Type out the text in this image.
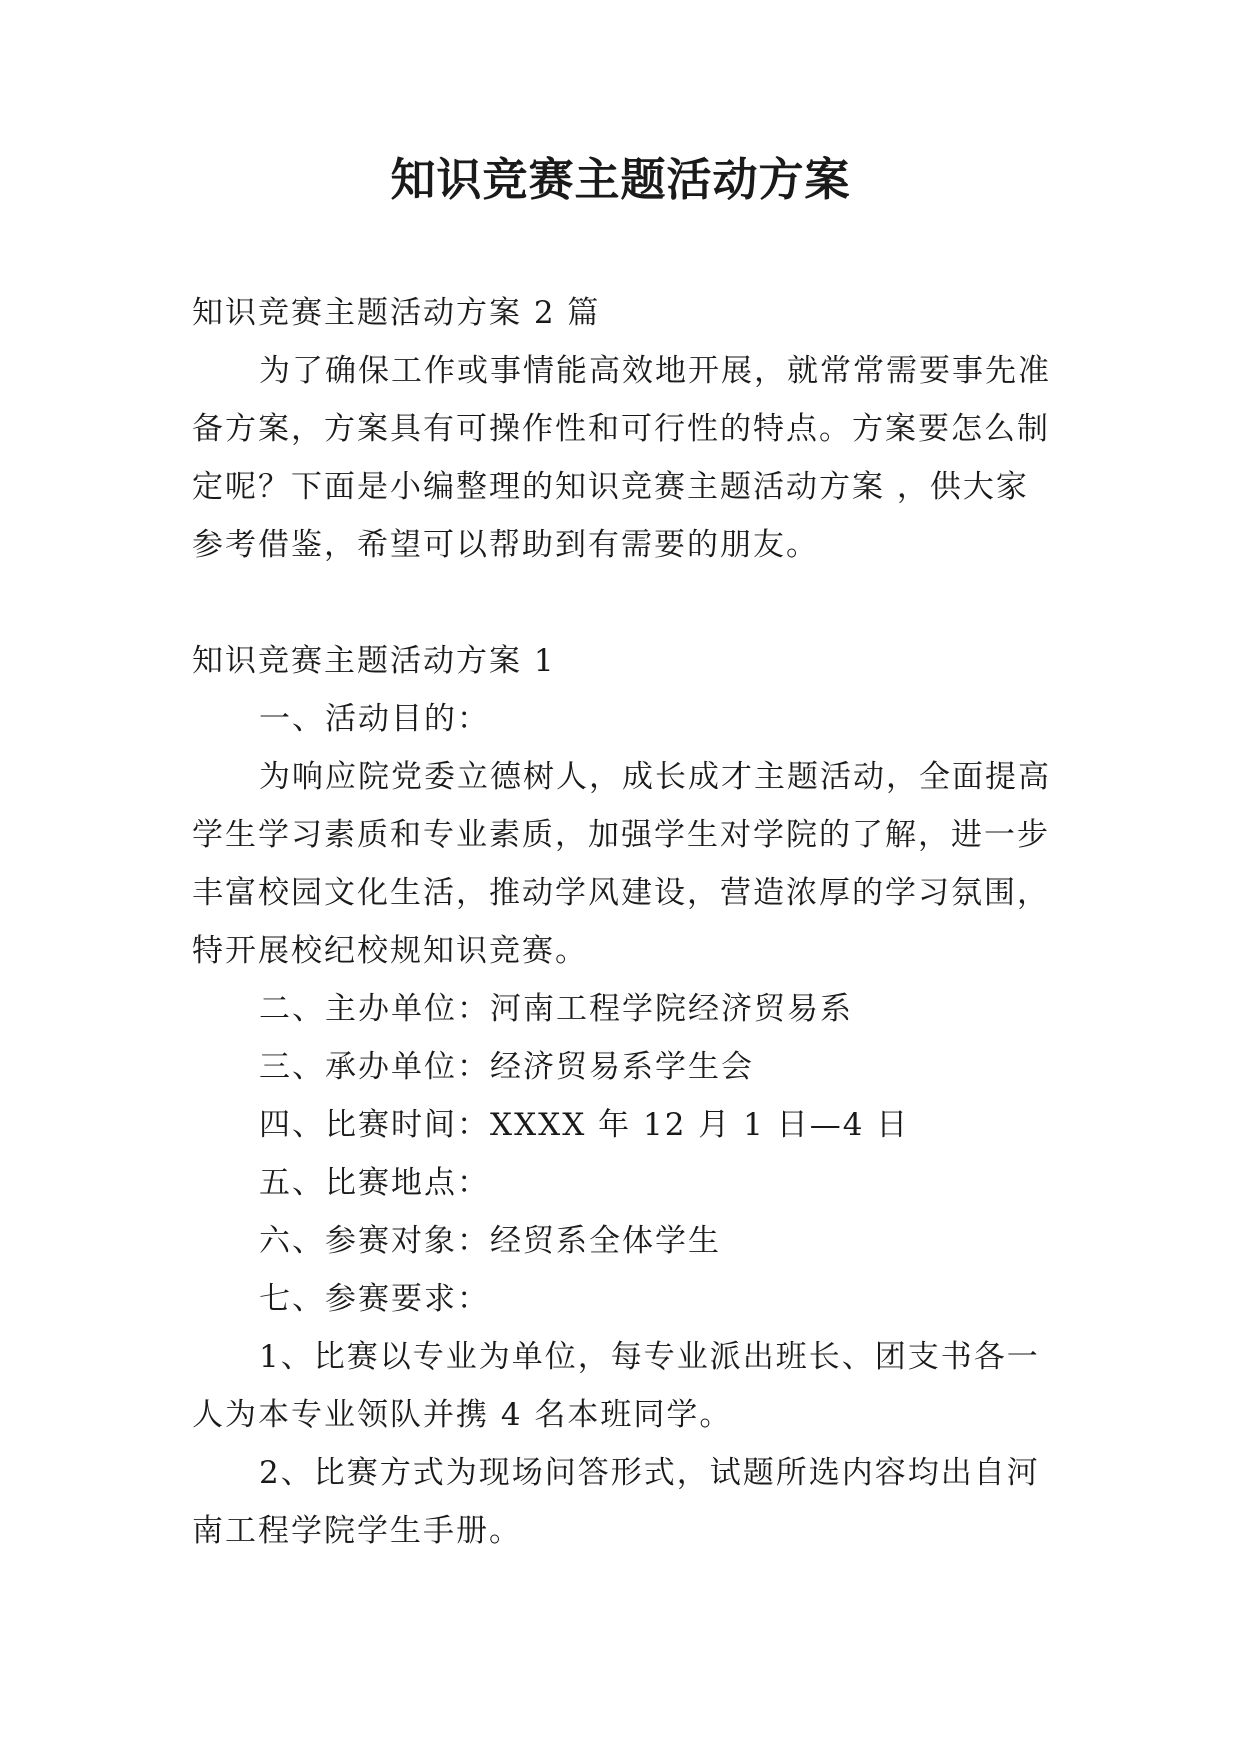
知识竞赛主题活动方案
知识竞赛主题活动方案 2 篇
为了确保工作或事情能高效地开展，就常常需要事先准
备方案，方案具有可操作性和可行性的特点。方案要怎么制
定呢？下面是小编整理的知识竞赛主题活动方案 ，供大家
参考借鉴，希望可以帮助到有需要的朋友。
知识竞赛主题活动方案 1
一、活动目的：
为响应院党委立德树人，成长成才主题活动，全面提高
学生学习素质和专业素质，加强学生对学院的了解，进一步
丰富校园文化生活，推动学风建设，营造浓厚的学习氛围，
特开展校纪校规知识竞赛。
二、主办单位：河南工程学院经济贸易系
三、承办单位：经济贸易系学生会
四、比赛时间：XXXX 年 12 月 1 日—4 日
五、比赛地点：
六、参赛对象：经贸系全体学生
七、参赛要求：
1、比赛以专业为单位，每专业派出班长、团支书各一
人为本专业领队并携 4 名本班同学。
2、比赛方式为现场问答形式，试题所选内容均出自河
南工程学院学生手册。
